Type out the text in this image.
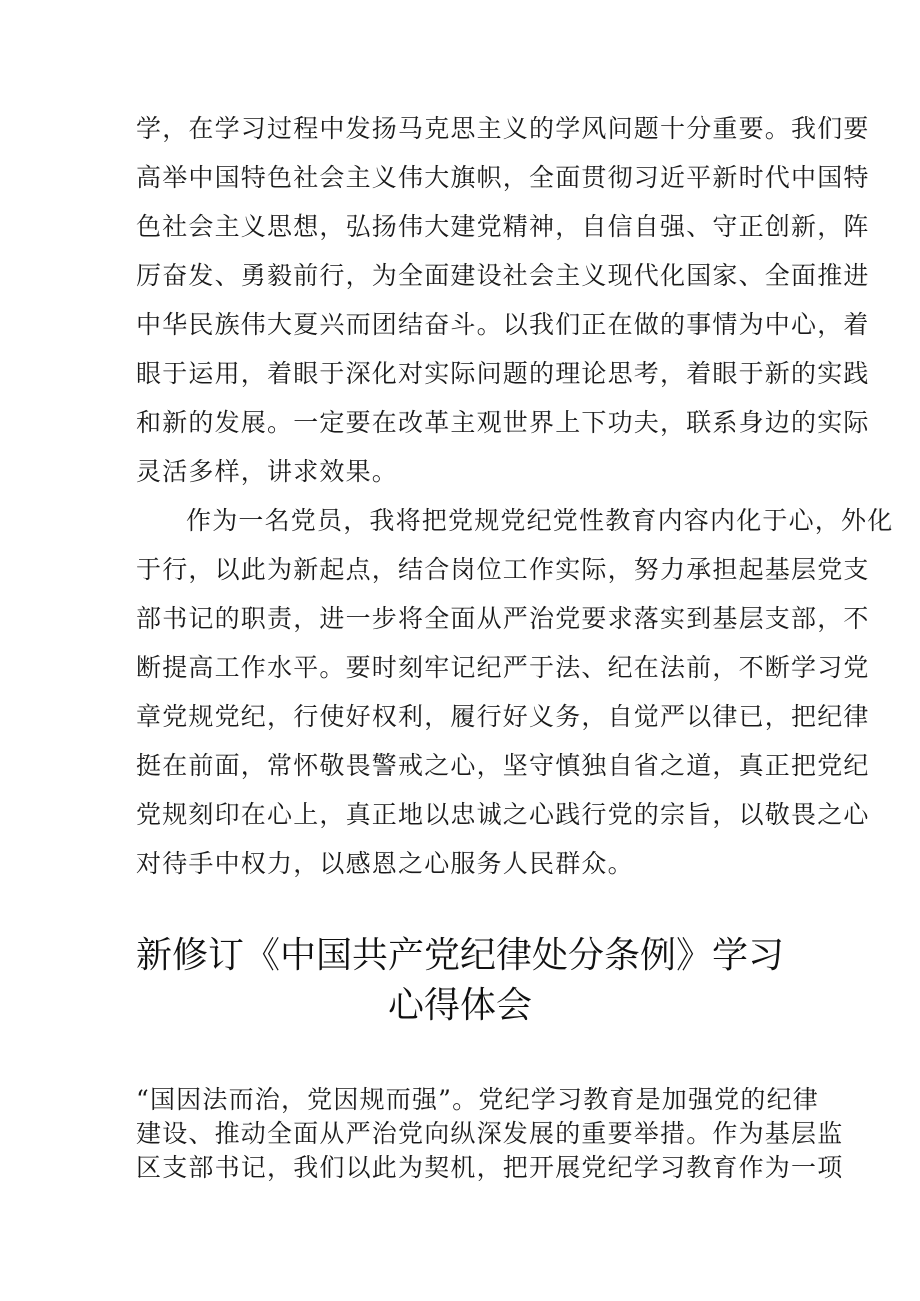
学，在学习过程中发扬马克思主义的学风问题十分重要。我们要
高举中国特色社会主义伟大旗帜，全面贯彻习近平新时代中国特
色社会主义思想，弘扬伟大建党精神，自信自强、守正创新，阵
厉奋发、勇毅前行，为全面建设社会主义现代化国家、全面推进
中华民族伟大夏兴而团结奋斗。以我们正在做的事情为中心，着
眼于运用，着眼于深化对实际问题的理论思考，着眼于新的实践
和新的发展。一定要在改革主观世界上下功夫，联系身边的实际
灵活多样，讲求效果。
作为一名党员，我将把党规党纪党性教育内容内化于心，外化
于行，以此为新起点，结合岗位工作实际，努力承担起基层党支
部书记的职责，进一步将全面从严治党要求落实到基层支部，不
断提高工作水平。要时刻牢记纪严于法、纪在法前，不断学习党
章党规党纪，行使好权利，履行好义务，自觉严以律已，把纪律
挺在前面，常怀敬畏警戒之心，坚守慎独自省之道，真正把党纪
党规刻印在心上，真正地以忠诚之心践行党的宗旨，以敬畏之心
对待手中权力，以感恩之心服务人民群众。
新修订《中国共产党纪律处分条例》学习
心得体会
“国因法而治，党因规而强”。党纪学习教育是加强党的纪律
建设、推动全面从严治党向纵深发展的重要举措。作为基层监
区支部书记，我们以此为契机，把开展党纪学习教育作为一项
